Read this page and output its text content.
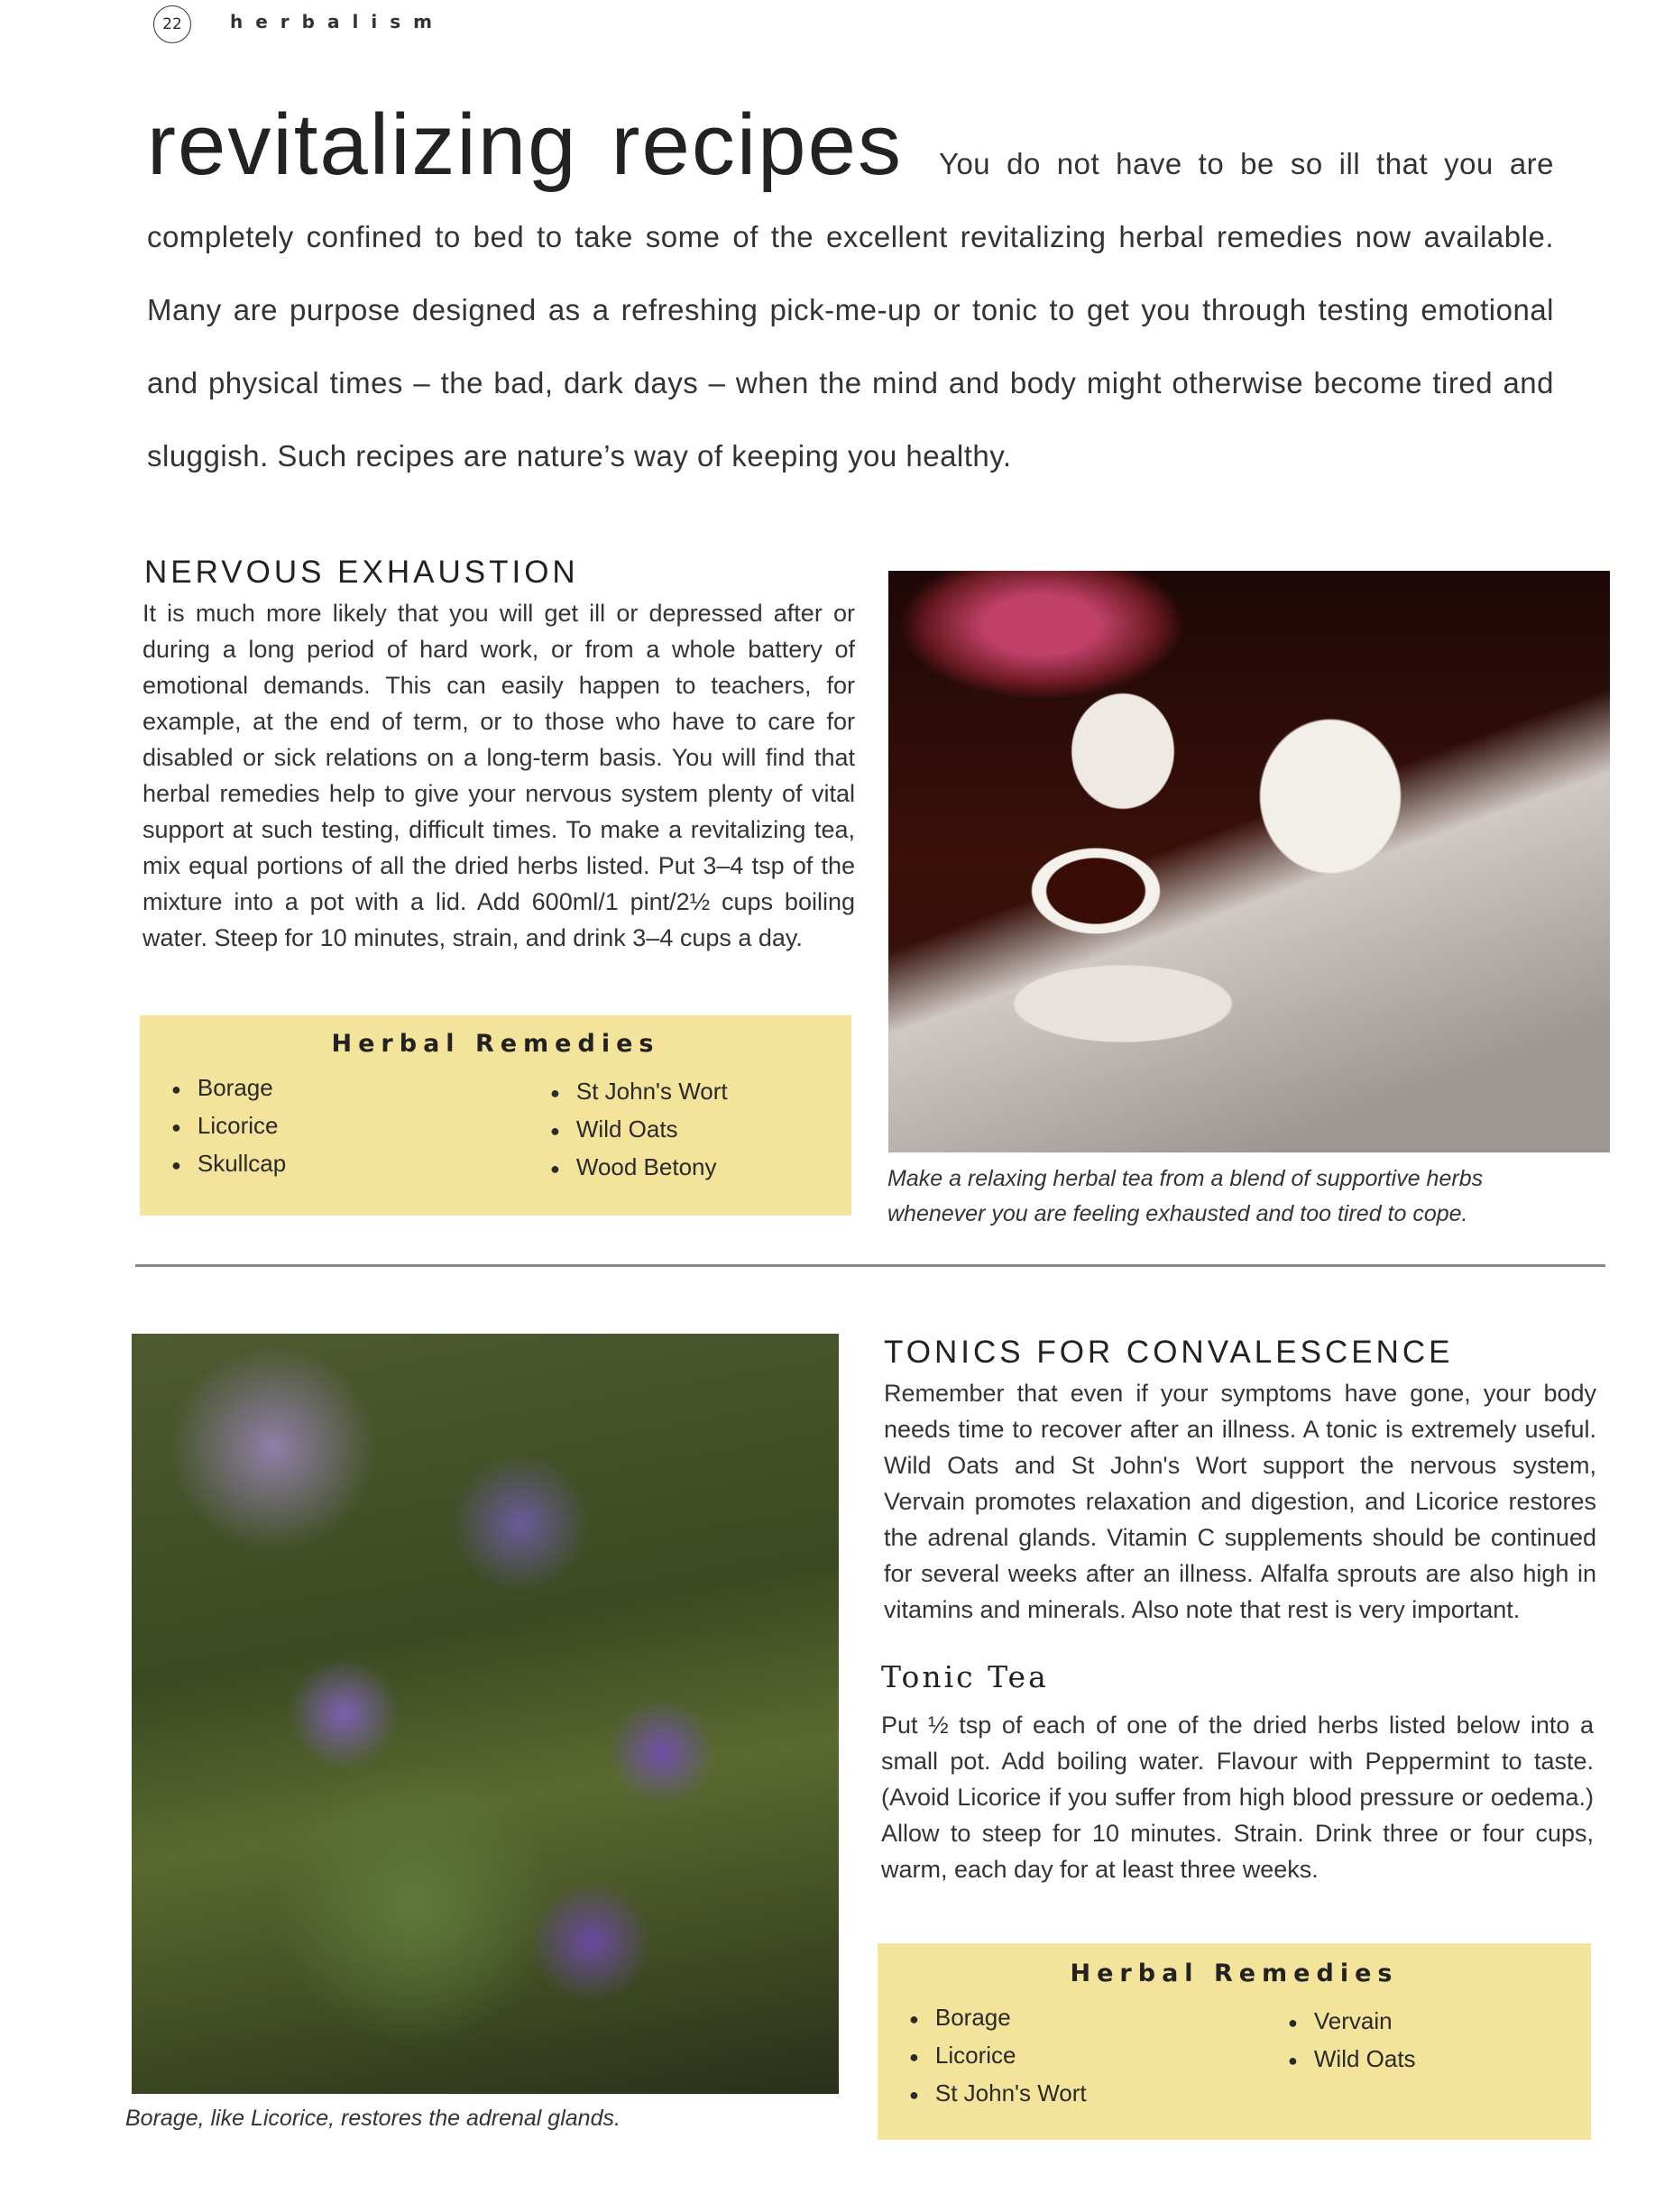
22	herbalism
revitalizing recipes You do not have to be so ill that you are completely confined to bed to take some of the excellent revitalizing herbal remedies now available. Many are purpose designed as a refreshing pick-me-up or tonic to get you through testing emotional and physical times – the bad, dark days – when the mind and body might otherwise become tired and sluggish. Such recipes are nature’s way of keeping you healthy.
NERVOUS EXHAUSTION
It is much more likely that you will get ill or depressed after or during a long period of hard work, or from a whole battery of emotional demands. This can easily happen to teachers, for example, at the end of term, or to those who have to care for disabled or sick relations on a long-term basis. You will find that herbal remedies help to give your nervous system plenty of vital support at such testing, difficult times. To make a revitalizing tea, mix equal portions of all the dried herbs listed. Put 3–4 tsp of the mixture into a pot with a lid. Add 600ml/1 pint/2½ cups boiling water. Steep for 10 minutes, strain, and drink 3–4 cups a day.
Herbal Remedies
● Borage
● Licorice
● Skullcap
● St John's Wort
● Wild Oats
● Wood Betony	Make a relaxing herbal tea from a blend of supportive herbs whenever you are feeling exhausted and too tired to cope.
Borage, like Licorice, restores the adrenal glands.
TONICS FOR CONVALESCENCE
Remember that even if your symptoms have gone, your body needs time to recover after an illness. A tonic is extremely useful. Wild Oats and St John's Wort support the nervous system, Vervain promotes relaxation and digestion, and Licorice restores the adrenal glands. Vitamin C supplements should be continued for several weeks after an illness. Alfalfa sprouts are also high in vitamins and minerals. Also note that rest is very important.
Tonic Tea
Put ½ tsp of each of one of the dried herbs listed below into a small pot. Add boiling water. Flavour with Peppermint to taste. (Avoid Licorice if you suffer from high blood pressure or oedema.) Allow to steep for 10 minutes. Strain. Drink three or four cups, warm, each day for at least three weeks.
Herbal Remedies
● Borage
● Licorice
● St John's Wort
● Vervain
● Wild Oats
